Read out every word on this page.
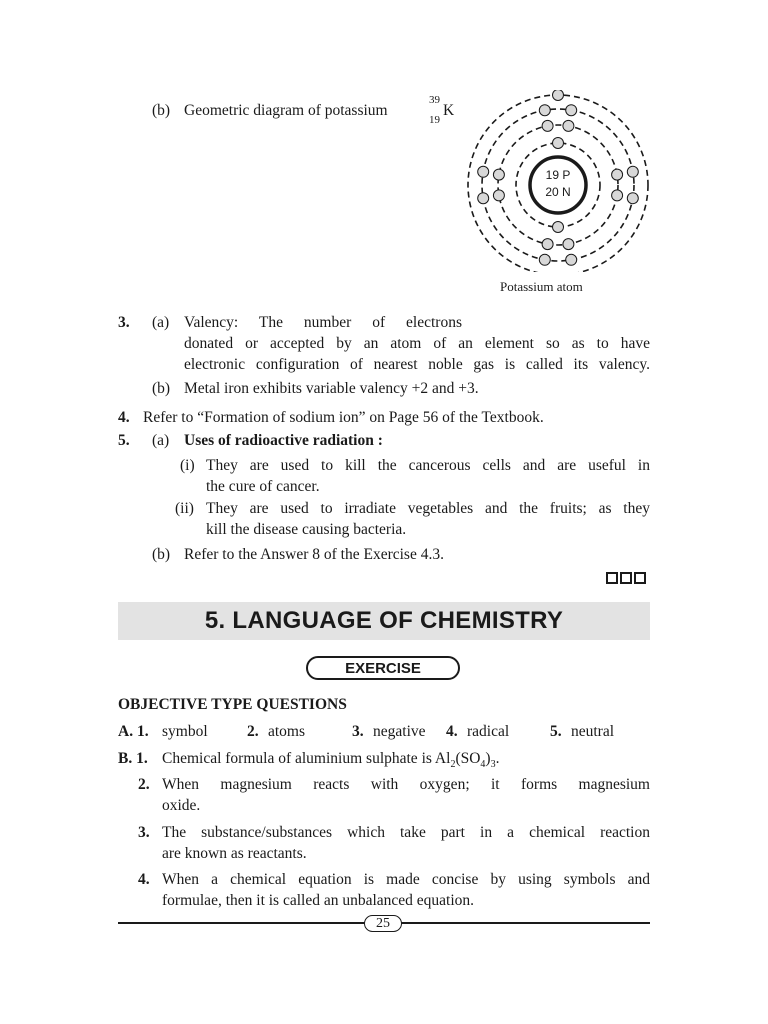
(b) Geometric diagram of potassium
39
19
K
19 P
20 N
Potassium atom
3. (a) Valency: The number of electrons
donated or accepted by an atom of an element so as to have
electronic configuration of nearest noble gas is called its valency.
(b) Metal iron exhibits variable valency +2 and +3.
4. Refer to “Formation of sodium ion” on Page 56 of the Textbook.
5. (a) Uses of radioactive radiation :
(i) They are used to kill the cancerous cells and are useful in
the cure of cancer.
(ii) They are used to irradiate vegetables and the fruits; as they
kill the disease causing bacteria.
(b) Refer to the Answer 8 of the Exercise 4.3.
5. LANGUAGE OF CHEMISTRY
EXERCISE
OBJECTIVE TYPE QUESTIONS
A. 1. symbol	2. atoms	3. negative 4. radical	5. neutral
B. 1. Chemical formula of aluminium sulphate is $Al_2(SO_4)_3$.
2. When magnesium reacts with oxygen; it forms magnesium
oxide.
3. The substance/substances which take part in a chemical reaction
are known as reactants.
4. When a chemical equation is made concise by using symbols and
formulae, then it is called an unbalanced equation.
25
